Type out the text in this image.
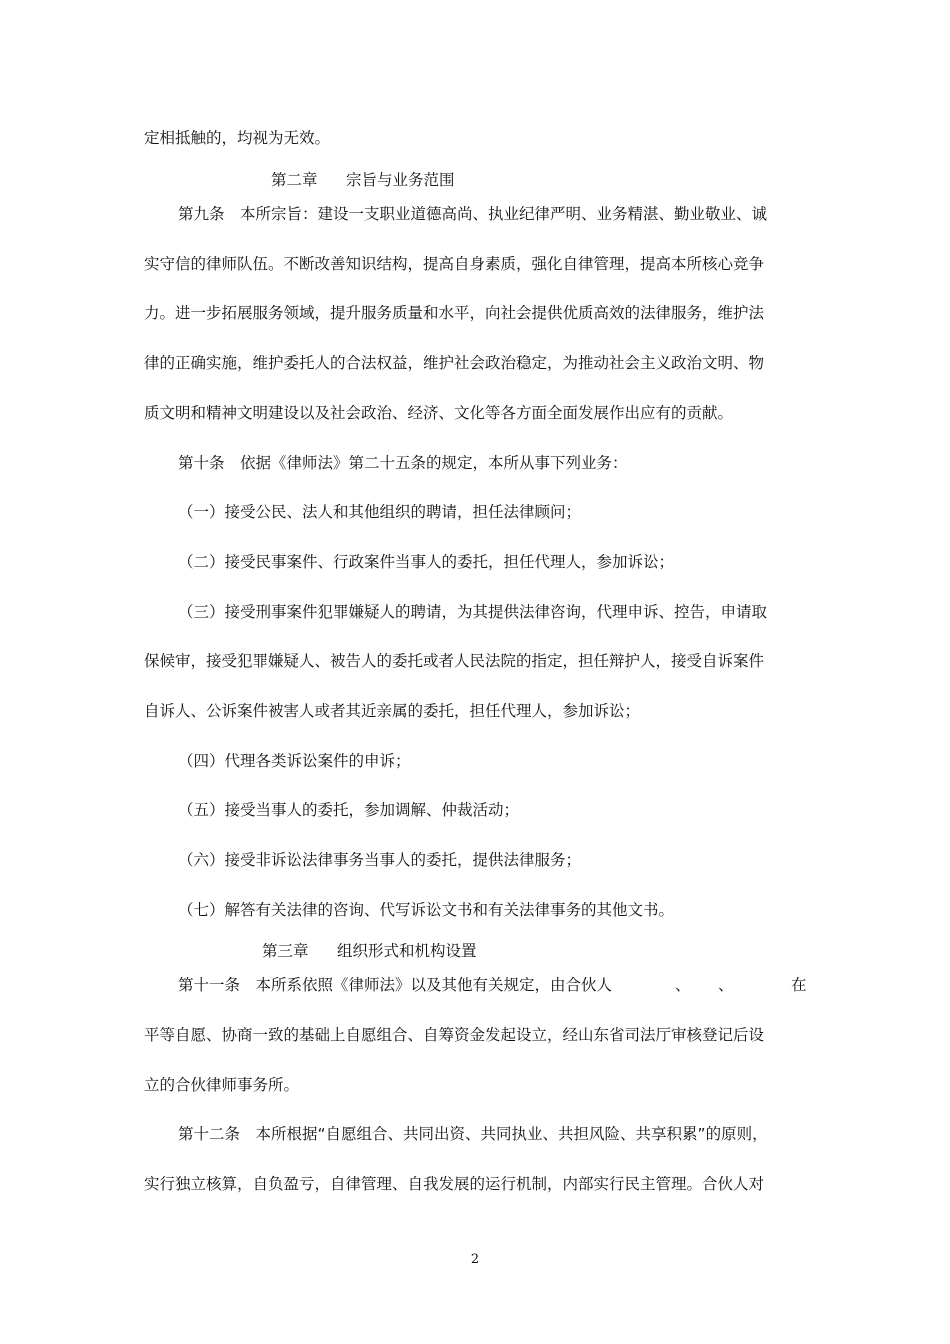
定相抵触的，均视为无效。
第二章 宗旨与业务范围
第九条　本所宗旨：建设一支职业道德高尚、执业纪律严明、业务精湛、勤业敬业、诚
实守信的律师队伍。不断改善知识结构，提高自身素质，强化自律管理，提高本所核心竞争
力。进一步拓展服务领域，提升服务质量和水平，向社会提供优质高效的法律服务，维护法
律的正确实施，维护委托人的合法权益，维护社会政治稳定，为推动社会主义政治文明、物
质文明和精神文明建设以及社会政治、经济、文化等各方面全面发展作出应有的贡献。
第十条　依据《律师法》第二十五条的规定，本所从事下列业务：
（一）接受公民、法人和其他组织的聘请，担任法律顾问；
（二）接受民事案件、行政案件当事人的委托，担任代理人，参加诉讼；
（三）接受刑事案件犯罪嫌疑人的聘请，为其提供法律咨询，代理申诉、控告，申请取
保候审，接受犯罪嫌疑人、被告人的委托或者人民法院的指定，担任辩护人，接受自诉案件
自诉人、公诉案件被害人或者其近亲属的委托，担任代理人，参加诉讼；
（四）代理各类诉讼案件的申诉；
（五）接受当事人的委托，参加调解、仲裁活动；
（六）接受非诉讼法律事务当事人的委托，提供法律服务；
（七）解答有关法律的咨询、代写诉讼文书和有关法律事务的其他文书。
第三章 组织形式和机构设置
第十一条　本所系依照《律师法》以及其他有关规定，由合伙人	、 、	在
平等自愿、协商一致的基础上自愿组合、自筹资金发起设立，经山东省司法厅审核登记后设
立的合伙律师事务所。
第十二条　本所根据“自愿组合、共同出资、共同执业、共担风险、共享积累”的原则，
实行独立核算，自负盈亏，自律管理、自我发展的运行机制，内部实行民主管理。合伙人对
2
